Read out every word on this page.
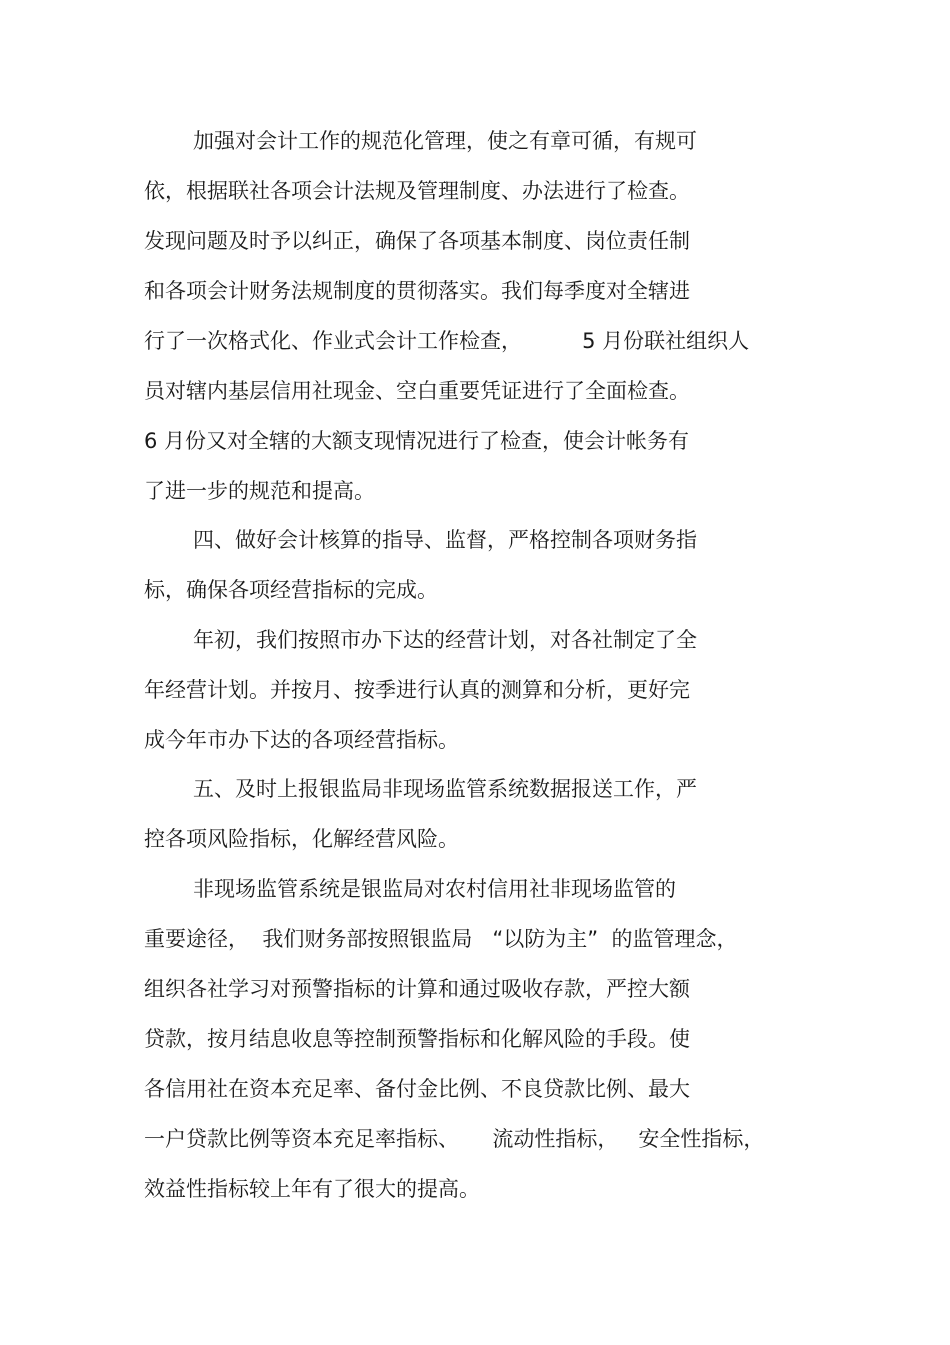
加强对会计工作的规范化管理，使之有章可循，有规可
依，根据联社各项会计法规及管理制度、办法进行了检查。
发现问题及时予以纠正，确保了各项基本制度、岗位责任制
和各项会计财务法规制度的贯彻落实。我们每季度对全辖进
行了一次格式化、作业式会计工作检查，         5 月份联社组织人
员对辖内基层信用社现金、空白重要凭证进行了全面检查。
6 月份又对全辖的大额支现情况进行了检查，使会计帐务有
了进一步的规范和提高。
四、做好会计核算的指导、监督，严格控制各项财务指
标，确保各项经营指标的完成。
年初，我们按照市办下达的经营计划，对各社制定了全
年经营计划。并按月、按季进行认真的测算和分析，更好完
成今年市办下达的各项经营指标。
五、及时上报银监局非现场监管系统数据报送工作，严
控各项风险指标，化解经营风险。
非现场监管系统是银监局对农村信用社非现场监管的
重要途径，  我们财务部按照银监局   “以防为主”  的监管理念，
组织各社学习对预警指标的计算和通过吸收存款，严控大额
贷款，按月结息收息等控制预警指标和化解风险的手段。使
各信用社在资本充足率、备付金比例、不良贷款比例、最大
一户贷款比例等资本充足率指标、     流动性指标，   安全性指标，
效益性指标较上年有了很大的提高。
